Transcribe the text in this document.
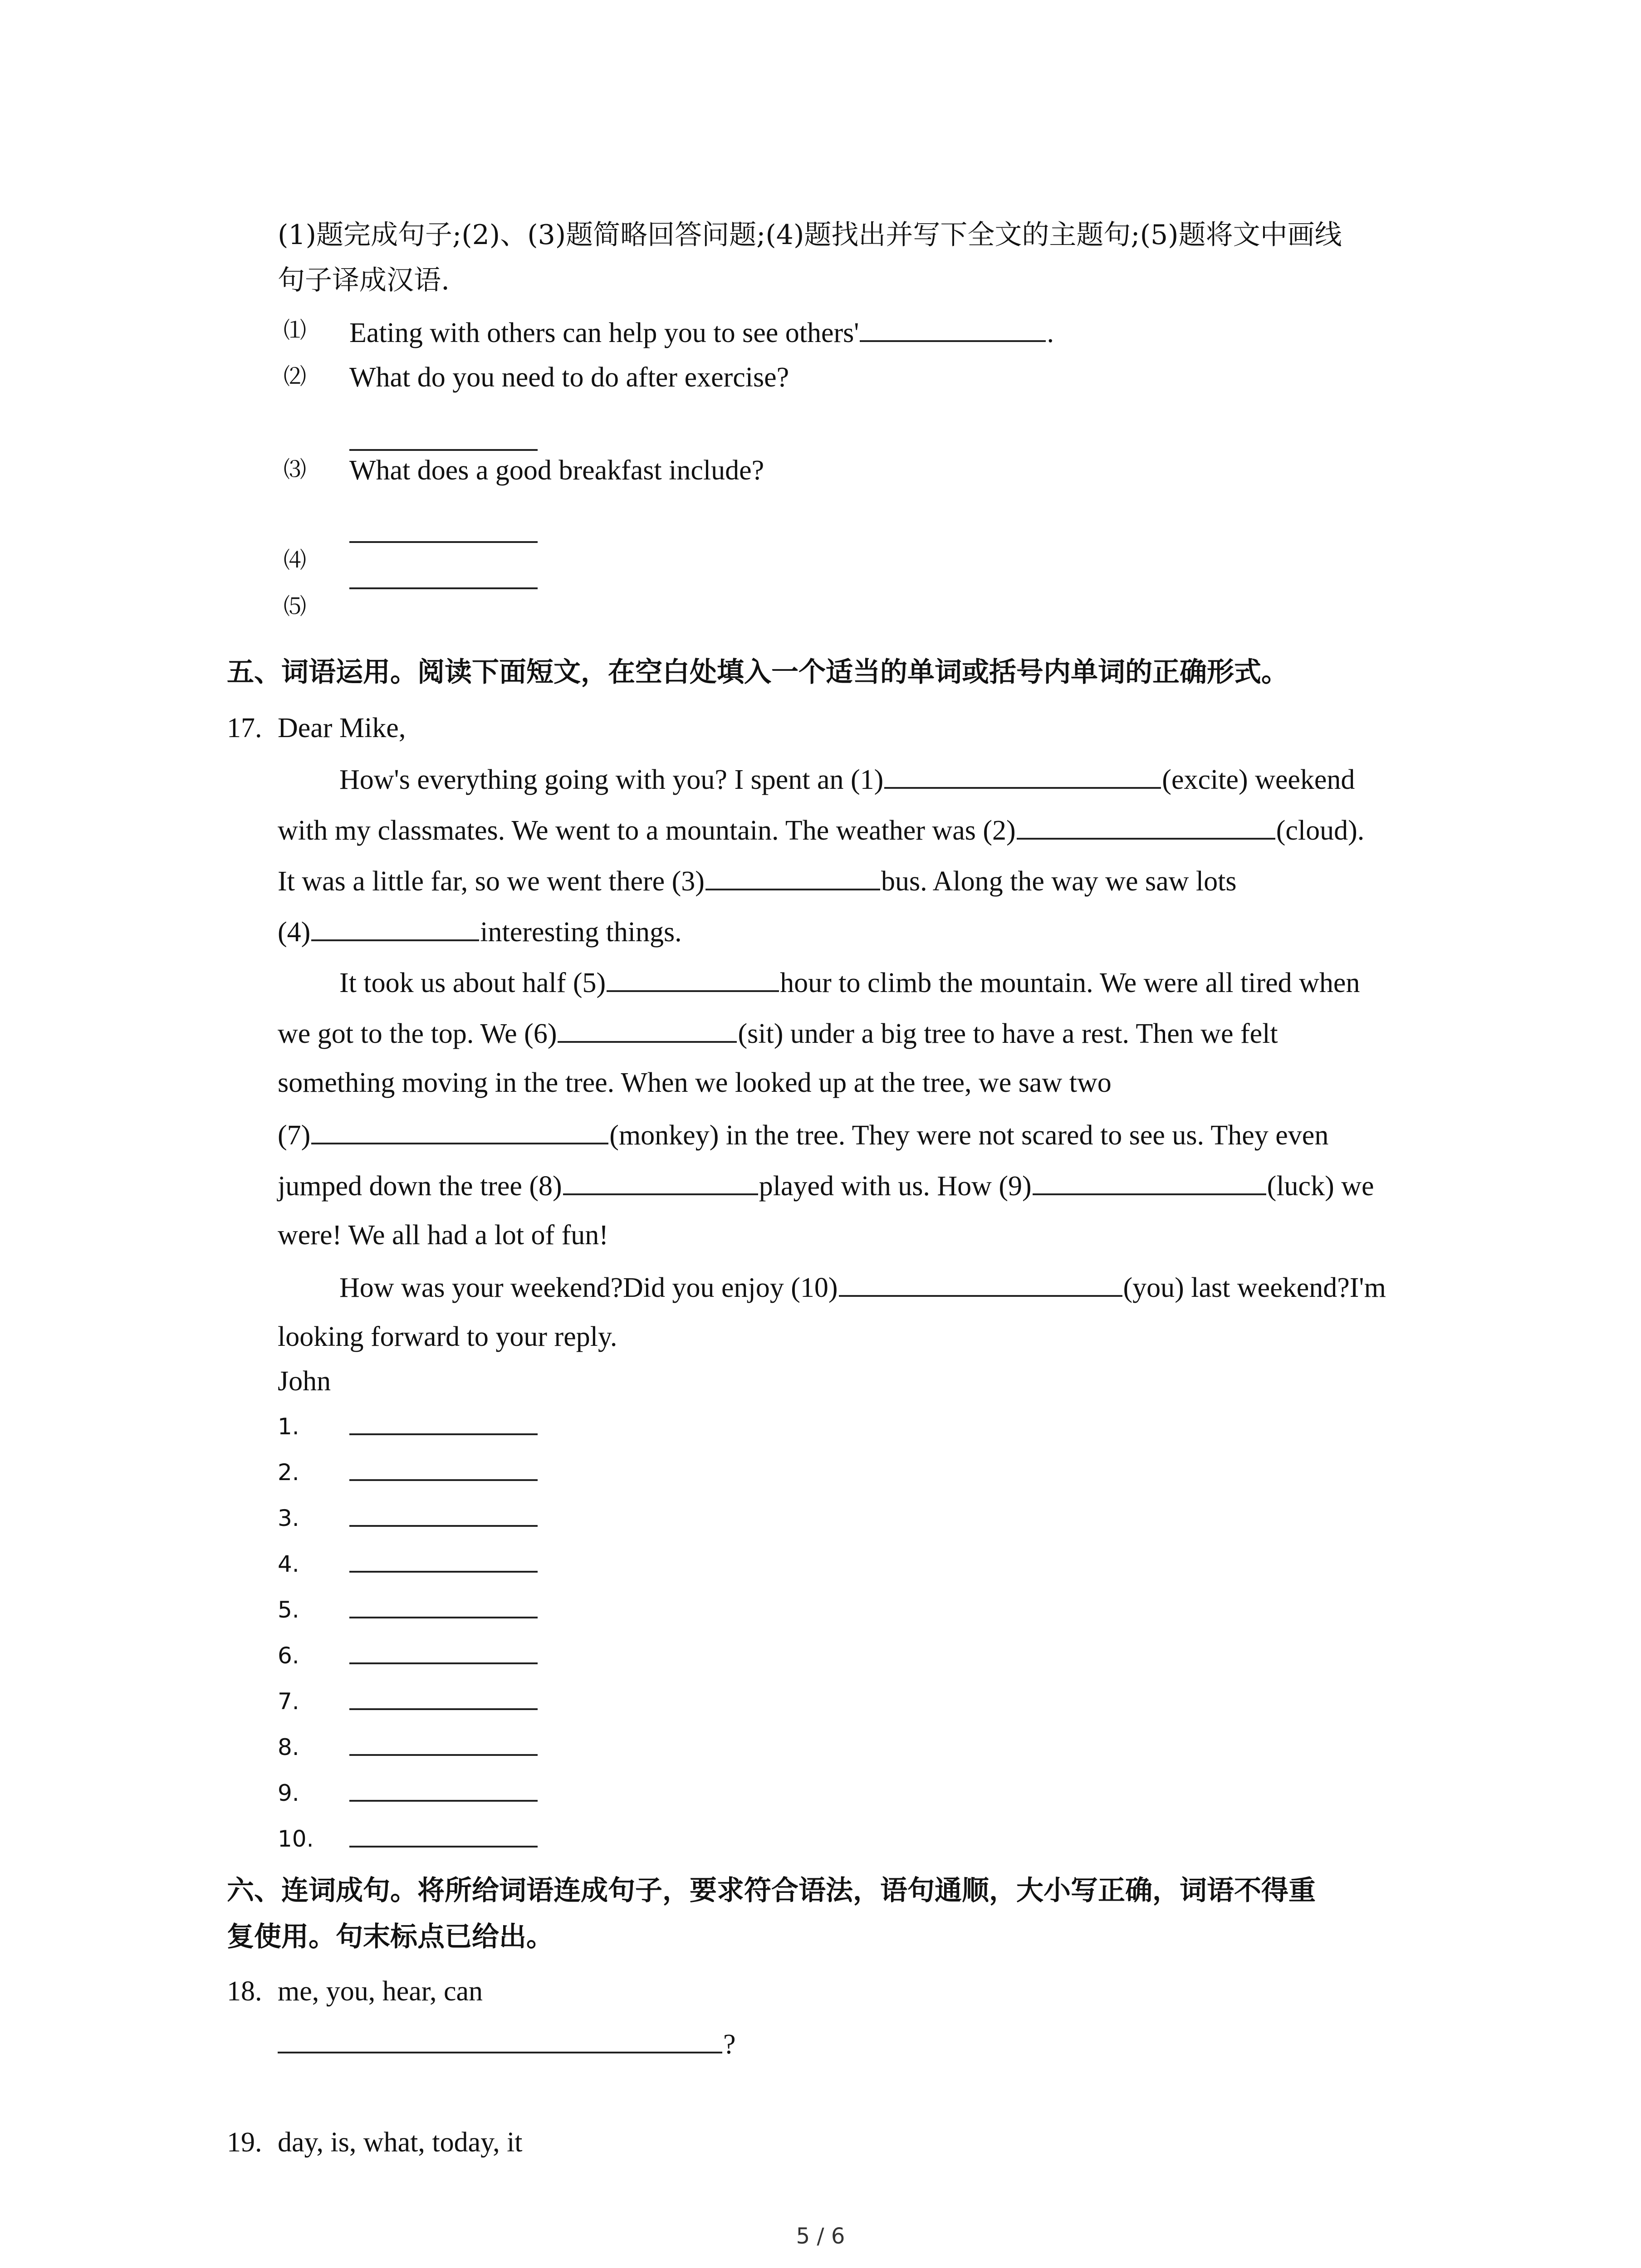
(1)题完成句子;(2)、(3)题简略回答问题;(4)题找出并写下全文的主题句;(5)题将文中画线
句子译成汉语.
⑴ Eating with others can help you to see others'	.
⑵ What do you need to do after exercise?
⑶ What does a good breakfast include?
⑷
⑸
五、词语运用。阅读下面短文，在空白处填入一个适当的单词或括号内单词的正确形式。
17. Dear Mike,
How's everything going with you? I spent an (1)	(excite) weekend
with my classmates. We went to a mountain. The weather was (2)	(cloud).
It was a little far, so we went there (3)	bus. Along the way we saw lots
(4)	interesting things.
It took us about half (5)	hour to climb the mountain. We were all tired when
we got to the top. We (6)	(sit) under a big tree to have a rest. Then we felt
something moving in the tree. When we looked up at the tree, we saw two
(7)	(monkey) in the tree. They were not scared to see us. They even
jumped down the tree (8)	played with us. How (9)	(luck) we
were! We all had a lot of fun!
How was your weekend?Did you enjoy (10)	(you) last weekend?I'm
looking forward to your reply.
John
1.
2.
3.
4.
5.
6.
7.
8.
9.
10.
六、连词成句。将所给词语连成句子，要求符合语法，语句通顺，大小写正确，词语不得重
复使用。句末标点已给出。
18. me, you, hear, can
?
19. day, is, what, today, it
5 / 6
